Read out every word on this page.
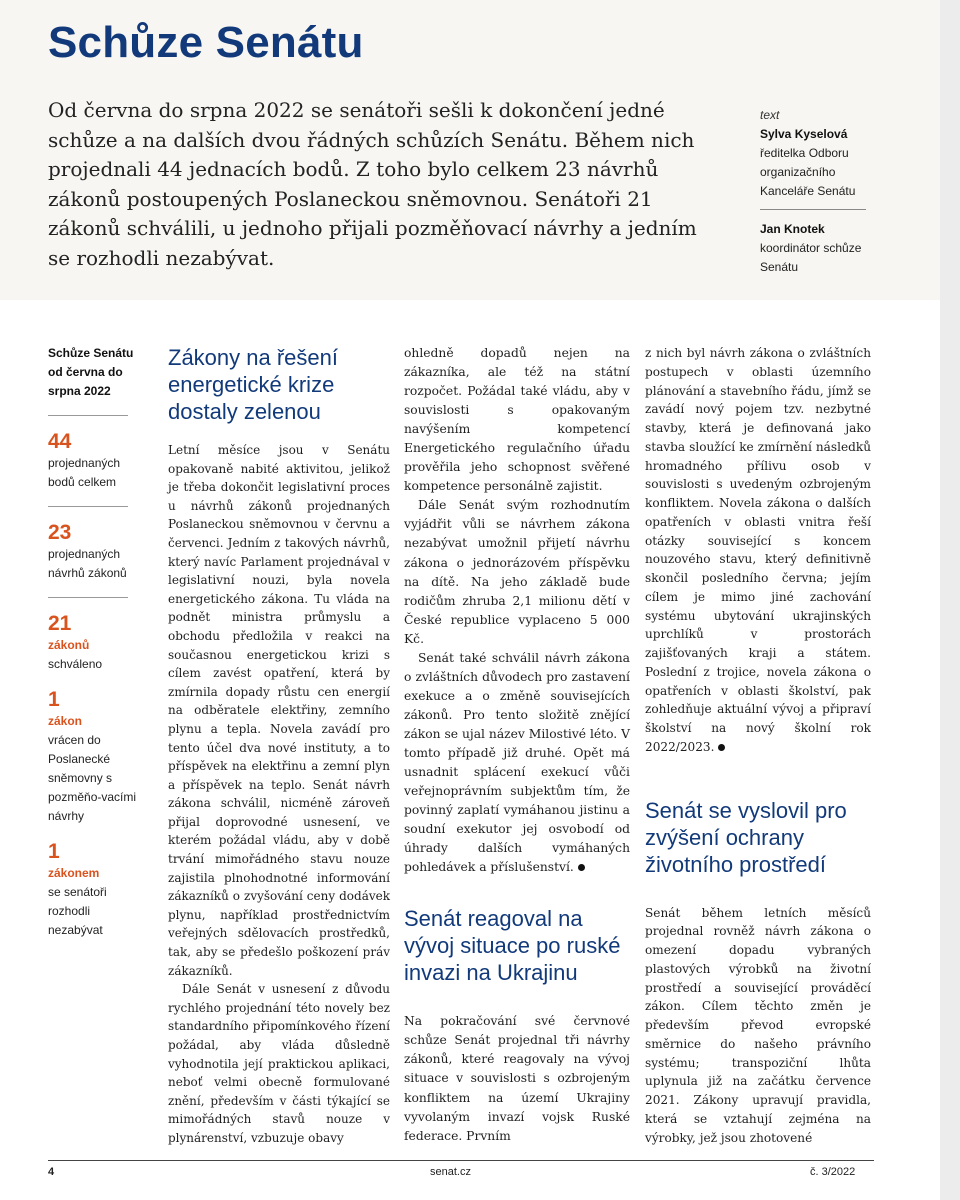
Schůze Senátu

Od června do srpna 2022 se senátoři sešli k dokončení jedné schůze a na dalších dvou řádných schůzích Senátu. Během nich projednali 44 jednacích bodů. Z toho bylo celkem 23 návrhů zákonů postoupených Poslaneckou sněmovnou. Senátoři 21 zákonů schválili, u jednoho přijali pozměňovací návrhy a jedním se rozhodli nezabývat.

text
Sylva Kyselová
ředitelka Odboru organizačního Kanceláře Senátu
Jan Knotek
koordinátor schůze Senátu
Schůze Senátu od června do srpna 2022
44
projednaných bodů celkem
23
projednaných návrhů zákonů
21
zákonů
schváleno
1
zákon
vrácen do Poslanecké sněmovny s pozměňo-vacími návrhy
1
zákonem
se senátoři rozhodli nezabývat
Zákony na řešení energetické krize dostaly zelenou

Letní měsíce jsou v Senátu opakovaně nabité aktivitou, jelikož je třeba dokončit legislativní proces u návrhů zákonů projednaných Poslaneckou sněmovnou v červnu a červenci. Jedním z takových návrhů, který navíc Parlament projednával v legislativní nouzi, byla novela energetického zákona. Tu vláda na podnět ministra průmyslu a obchodu předložila v reakci na současnou energetickou krizi s cílem zavést opatření, která by zmírnila dopady růstu cen energií na odběratele elektřiny, zemního plynu a tepla. Novela zavádí pro tento účel dva nové instituty, a to příspěvek na elektřinu a zemní plyn a příspěvek na teplo. Senát návrh zákona schválil, nicméně zároveň přijal doprovodné usnesení, ve kterém požádal vládu, aby v době trvání mimořádného stavu nouze zajistila plnohodnotné informování zákazníků o zvyšování ceny dodávek plynu, například prostřednictvím veřejných sdělovacích prostředků, tak, aby se předešlo poškození práv zákazníků.

Dále Senát v usnesení z důvodu rychlého projednání této novely bez standardního připomínkového řízení požádal, aby vláda důsledně vyhodnotila její praktickou aplikaci, neboť velmi obecně formulované znění, především v části týkající se mimořádných stavů nouze v plynárenství, vzbuzuje obavy

ohledně dopadů nejen na zákazníka, ale též na státní rozpočet. Požádal také vládu, aby v souvislosti s opakovaným navýšením kompetencí Energetického regulačního úřadu prověřila jeho schopnost svěřené kompetence personálně zajistit.

Dále Senát svým rozhodnutím vyjádřit vůli se návrhem zákona nezabývat umožnil přijetí návrhu zákona o jednorázovém příspěvku na dítě. Na jeho základě bude rodičům zhruba 2,1 milionu dětí v České republice vyplaceno 5 000 Kč.

Senát také schválil návrh zákona o zvláštních důvodech pro zastavení exekuce a o změně souvisejících zákonů. Pro tento složitě znějící zákon se ujal název Milostivé léto. V tomto případě již druhé. Opět má usnadnit splácení exekucí vůči veřejnoprávním subjektům tím, že povinný zaplatí vymáhanou jistinu a soudní exekutor jej osvobodí od úhrady dalších vymáhaných pohledávek a příslušenství.

Senát reagoval na vývoj situace po ruské invazi na Ukrajinu

Na pokračování své červnové schůze Senát projednal tři návrhy zákonů, které reagovaly na vývoj situace v souvislosti s ozbrojeným konfliktem na území Ukrajiny vyvolaným invazí vojsk Ruské federace. Prvním

z nich byl návrh zákona o zvláštních postupech v oblasti územního plánování a stavebního řádu, jímž se zavádí nový pojem tzv. nezbytné stavby, která je definovaná jako stavba sloužící ke zmírnění následků hromadného přílivu osob v souvislosti s uvedeným ozbrojeným konfliktem. Novela zákona o dalších opatřeních v oblasti vnitra řeší otázky související s koncem nouzového stavu, který definitivně skončil posledního června; jejím cílem je mimo jiné zachování systému ubytování ukrajinských uprchlíků v prostorách zajišťovaných kraji a státem. Poslední z trojice, novela zákona o opatřeních v oblasti školství, pak zohledňuje aktuální vývoj a připraví školství na nový školní rok 2022/2023.

Senát se vyslovil pro zvýšení ochrany životního prostředí

Senát během letních měsíců projednal rovněž návrh zákona o omezení dopadu vybraných plastových výrobků na životní prostředí a související prováděcí zákon. Cílem těchto změn je především převod evropské směrnice do našeho právního systému; transpoziční lhůta uplynula již na začátku července 2021. Zákony upravují pravidla, která se vztahují zejména na výrobky, jež jsou zhotovené

4	senat.cz	č. 3/2022
